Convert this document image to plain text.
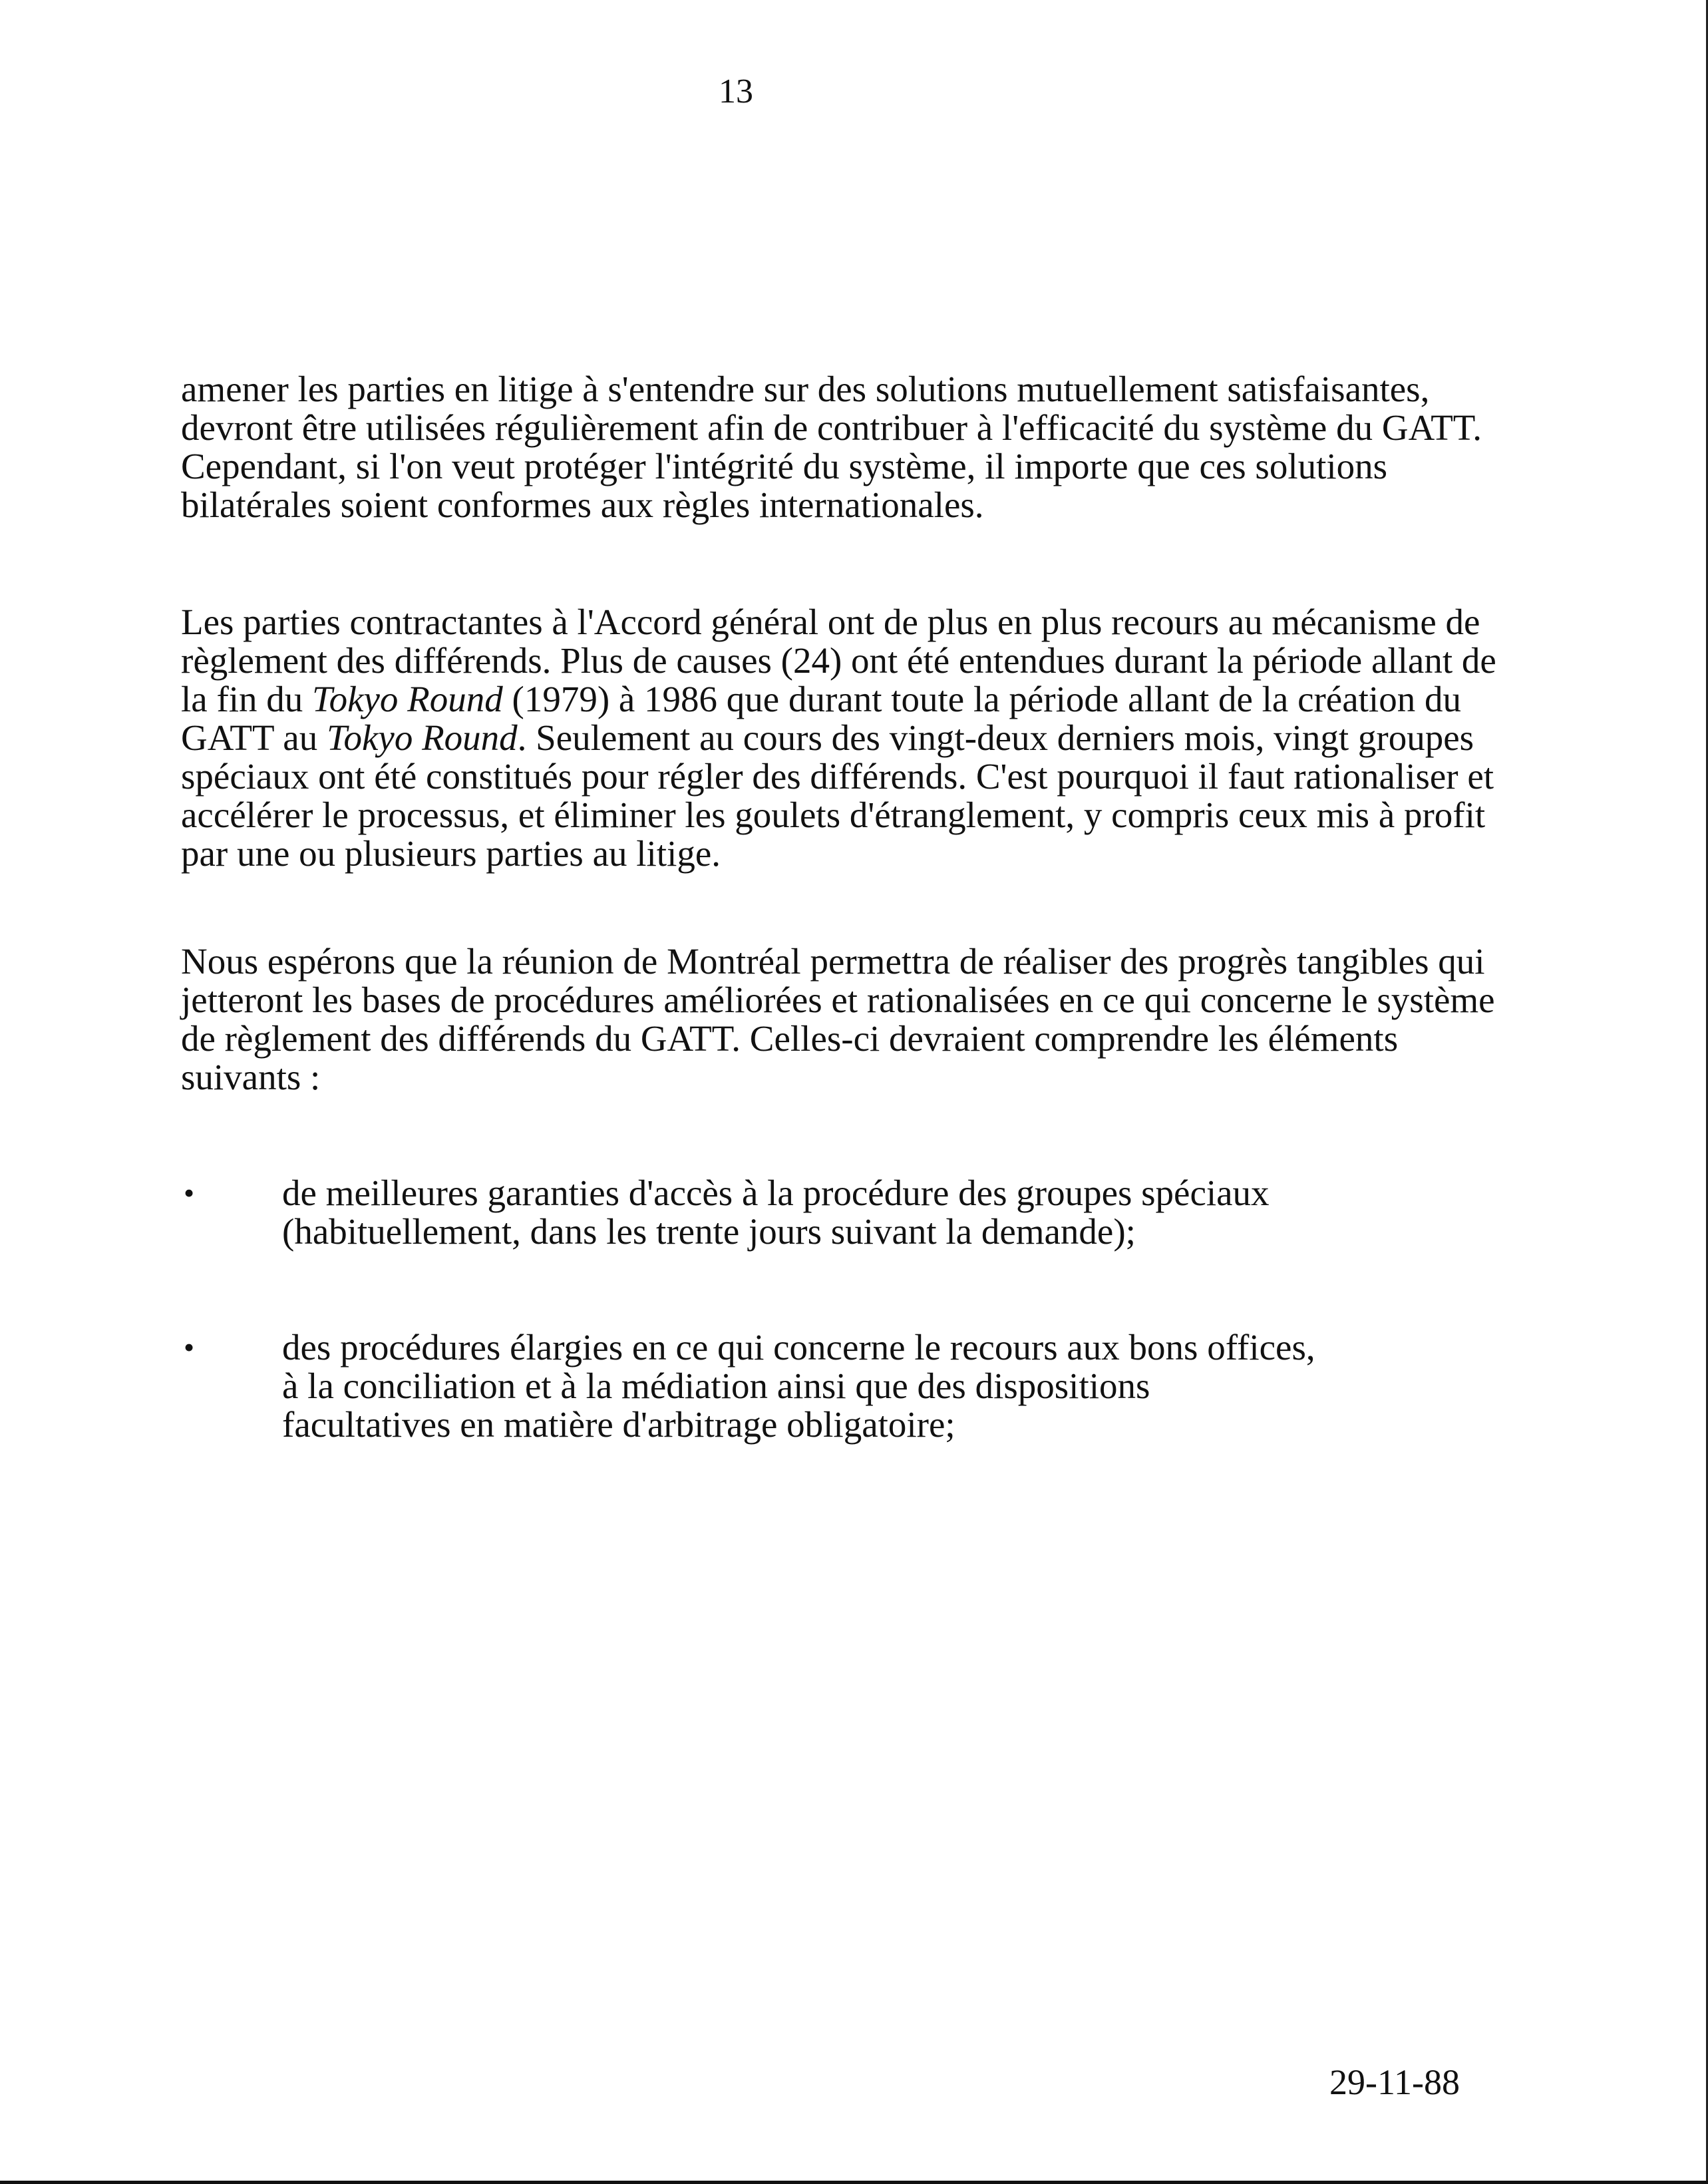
13

amener les parties en litige à s'entendre sur des solutions mutuellement satisfaisantes, devront être utilisées régulièrement afin de contribuer à l'efficacité du système du GATT. Cependant, si l'on veut protéger l'intégrité du système, il importe que ces solutions bilatérales soient conformes aux règles internationales.

Les parties contractantes à l'Accord général ont de plus en plus recours au mécanisme de règlement des différends. Plus de causes (24) ont été entendues durant la période allant de la fin du Tokyo Round (1979) à 1986 que durant toute la période allant de la création du GATT au Tokyo Round. Seulement au cours des vingt-deux derniers mois, vingt groupes spéciaux ont été constitués pour régler des différends. C'est pourquoi il faut rationaliser et accélérer le processus, et éliminer les goulets d'étranglement, y compris ceux mis à profit par une ou plusieurs parties au litige.

Nous espérons que la réunion de Montréal permettra de réaliser des progrès tangibles qui jetteront les bases de procédures améliorées et rationalisées en ce qui concerne le système de règlement des différends du GATT. Celles-ci devraient comprendre les éléments suivants :

• de meilleures garanties d'accès à la procédure des groupes spéciaux (habituellement, dans les trente jours suivant la demande);

• des procédures élargies en ce qui concerne le recours aux bons offices, à la conciliation et à la médiation ainsi que des dispositions facultatives en matière d'arbitrage obligatoire;

29-11-88
